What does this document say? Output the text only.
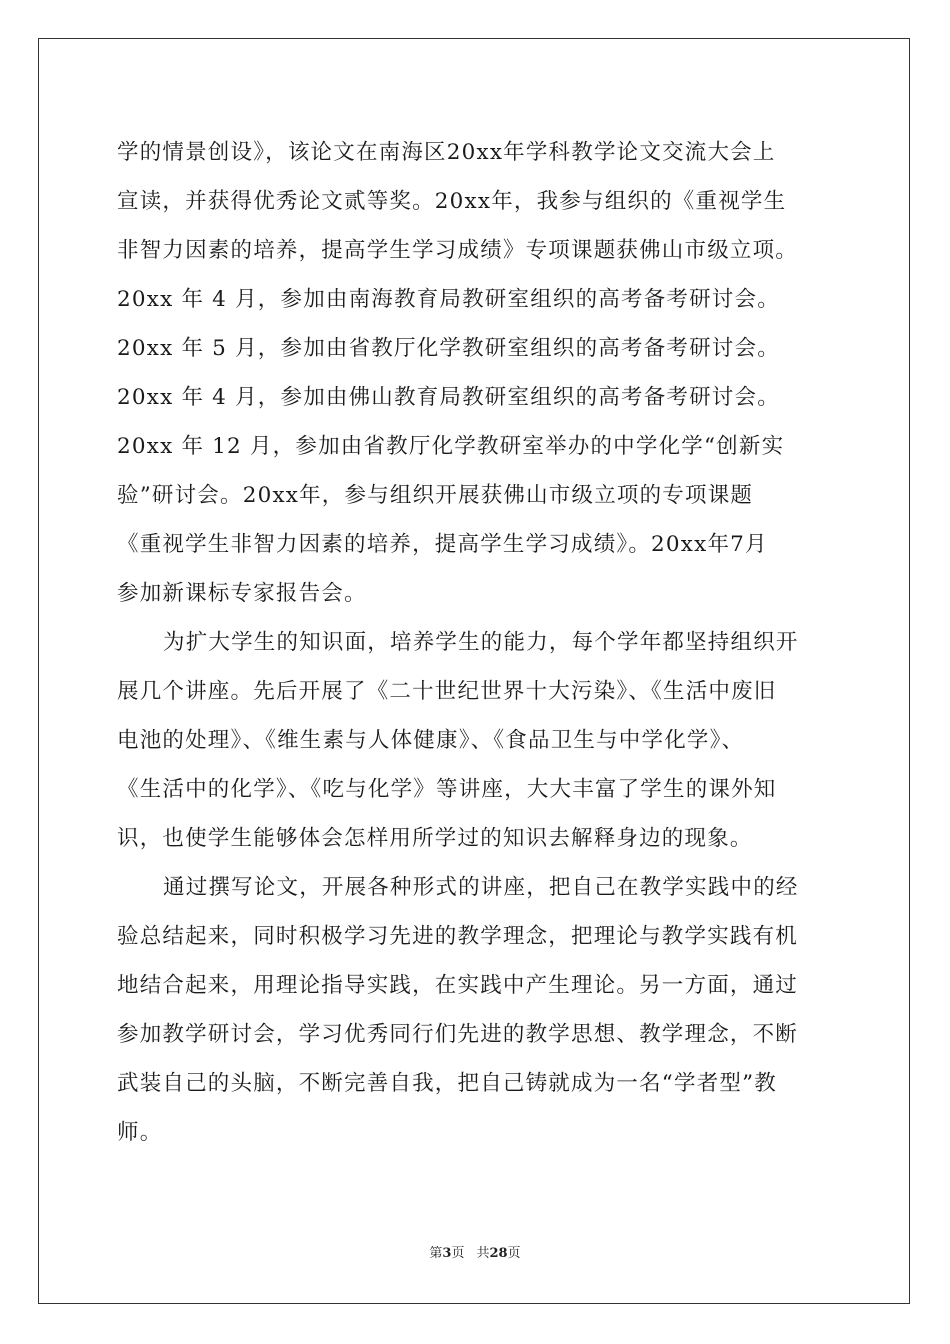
学的情景创设》，该论文在南海区20xx年学科教学论文交流大会上
宣读，并获得优秀论文贰等奖。20xx年，我参与组织的《重视学生
非智力因素的培养，提高学生学习成绩》专项课题获佛山市级立项。
20xx 年 4 月，参加由南海教育局教研室组织的高考备考研讨会。
20xx 年 5 月，参加由省教厅化学教研室组织的高考备考研讨会。
20xx 年 4 月，参加由佛山教育局教研室组织的高考备考研讨会。
20xx 年 12 月，参加由省教厅化学教研室举办的中学化学“创新实
验”研讨会。20xx年，参与组织开展获佛山市级立项的专项课题
《重视学生非智力因素的培养，提高学生学习成绩》。20xx年7月
参加新课标专家报告会。
为扩大学生的知识面，培养学生的能力，每个学年都坚持组织开
展几个讲座。先后开展了《二十世纪世界十大污染》、《生活中废旧
电池的处理》、《维生素与人体健康》、《食品卫生与中学化学》、
《生活中的化学》、《吃与化学》等讲座，大大丰富了学生的课外知
识，也使学生能够体会怎样用所学过的知识去解释身边的现象。
通过撰写论文，开展各种形式的讲座，把自己在教学实践中的经
验总结起来，同时积极学习先进的教学理念，把理论与教学实践有机
地结合起来，用理论指导实践，在实践中产生理论。另一方面，通过
参加教学研讨会，学习优秀同行们先进的教学思想、教学理念，不断
武装自己的头脑，不断完善自我，把自己铸就成为一名“学者型”教
师。
第3页 共28页
